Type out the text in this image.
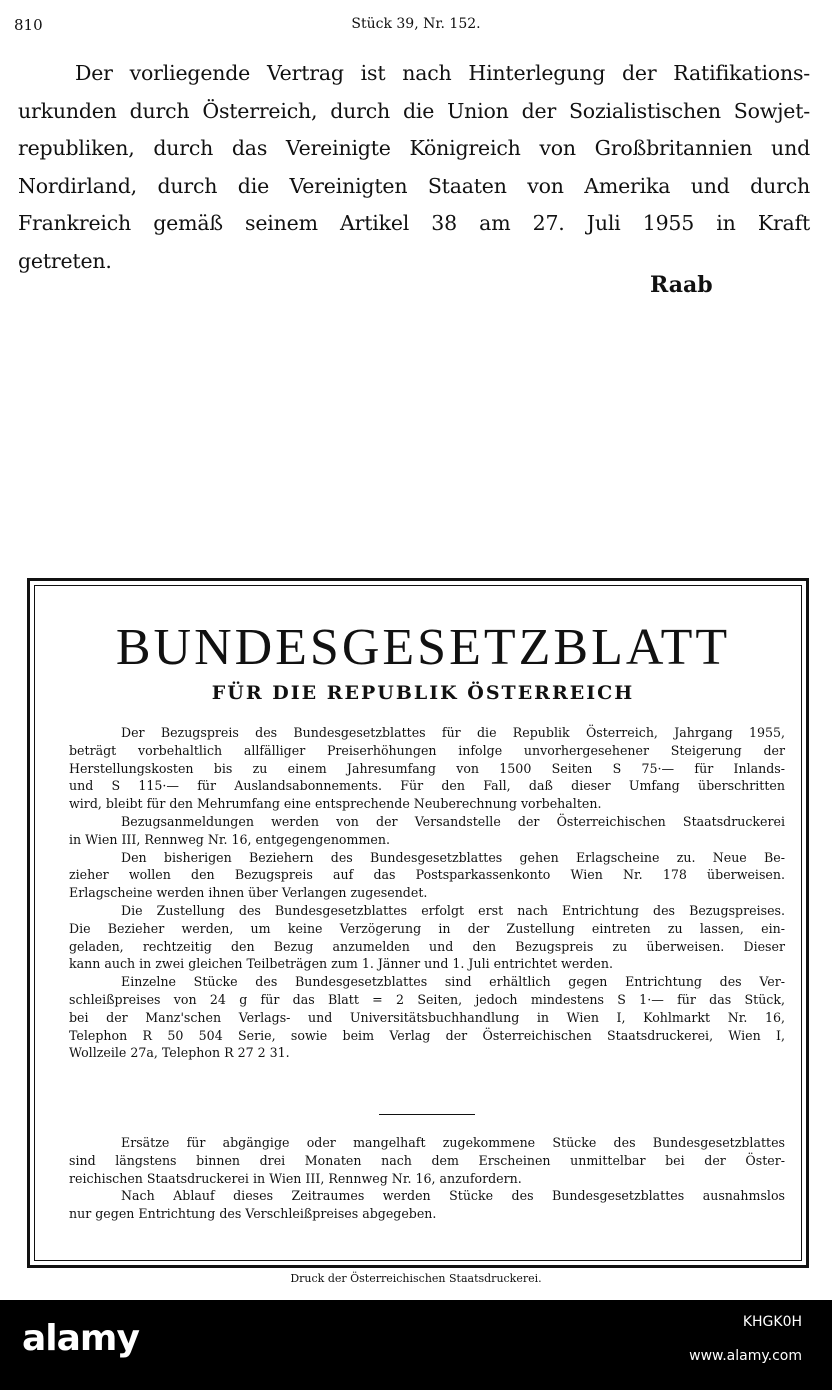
810	Stück 39, Nr. 152.
Der vorliegende Vertrag ist nach Hinterlegung der Ratifikations-
urkunden durch Österreich, durch die Union der Sozialistischen Sowjet-
republiken, durch das Vereinigte Königreich von Großbritannien und
Nordirland, durch die Vereinigten Staaten von Amerika und durch
Frankreich gemäß seinem Artikel 38 am 27. Juli 1955 in Kraft
getreten.
Raab
BUNDESGESETZBLATT
FÜR DIE REPUBLIK ÖSTERREICH
Der Bezugspreis des Bundesgesetzblattes für die Republik Österreich, Jahrgang 1955,
beträgt vorbehaltlich allfälliger Preiserhöhungen infolge unvorhergesehener Steigerung der
Herstellungskosten bis zu einem Jahresumfang von 1500 Seiten S 75·— für Inlands-
und S 115·— für Auslandsabonnements. Für den Fall, daß dieser Umfang überschritten
wird, bleibt für den Mehrumfang eine entsprechende Neuberechnung vorbehalten.
Bezugsanmeldungen werden von der Versandstelle der Österreichischen Staatsdruckerei
in Wien III, Rennweg Nr. 16, entgegengenommen.
Den bisherigen Beziehern des Bundesgesetzblattes gehen Erlagscheine zu. Neue Be-
zieher wollen den Bezugspreis auf das Postsparkassenkonto Wien Nr. 178 überweisen.
Erlagscheine werden ihnen über Verlangen zugesendet.
Die Zustellung des Bundesgesetzblattes erfolgt erst nach Entrichtung des Bezugspreises.
Die Bezieher werden, um keine Verzögerung in der Zustellung eintreten zu lassen, ein-
geladen, rechtzeitig den Bezug anzumelden und den Bezugspreis zu überweisen. Dieser
kann auch in zwei gleichen Teilbeträgen zum 1. Jänner und 1. Juli entrichtet werden.
Einzelne Stücke des Bundesgesetzblattes sind erhältlich gegen Entrichtung des Ver-
schleißpreises von 24 g für das Blatt = 2 Seiten, jedoch mindestens S 1·— für das Stück,
bei der Manz'schen Verlags- und Universitätsbuchhandlung in Wien I, Kohlmarkt Nr. 16,
Telephon R 50 504 Serie, sowie beim Verlag der Österreichischen Staatsdruckerei, Wien I,
Wollzeile 27a, Telephon R 27 2 31.
Ersätze für abgängige oder mangelhaft zugekommene Stücke des Bundesgesetzblattes
sind längstens binnen drei Monaten nach dem Erscheinen unmittelbar bei der Öster-
reichischen Staatsdruckerei in Wien III, Rennweg Nr. 16, anzufordern.
Nach Ablauf dieses Zeitraumes werden Stücke des Bundesgesetzblattes ausnahmslos
nur gegen Entrichtung des Verschleißpreises abgegeben.
Druck der Österreichischen Staatsdruckerei.
alamy	KHGK0H
www.alamy.com
